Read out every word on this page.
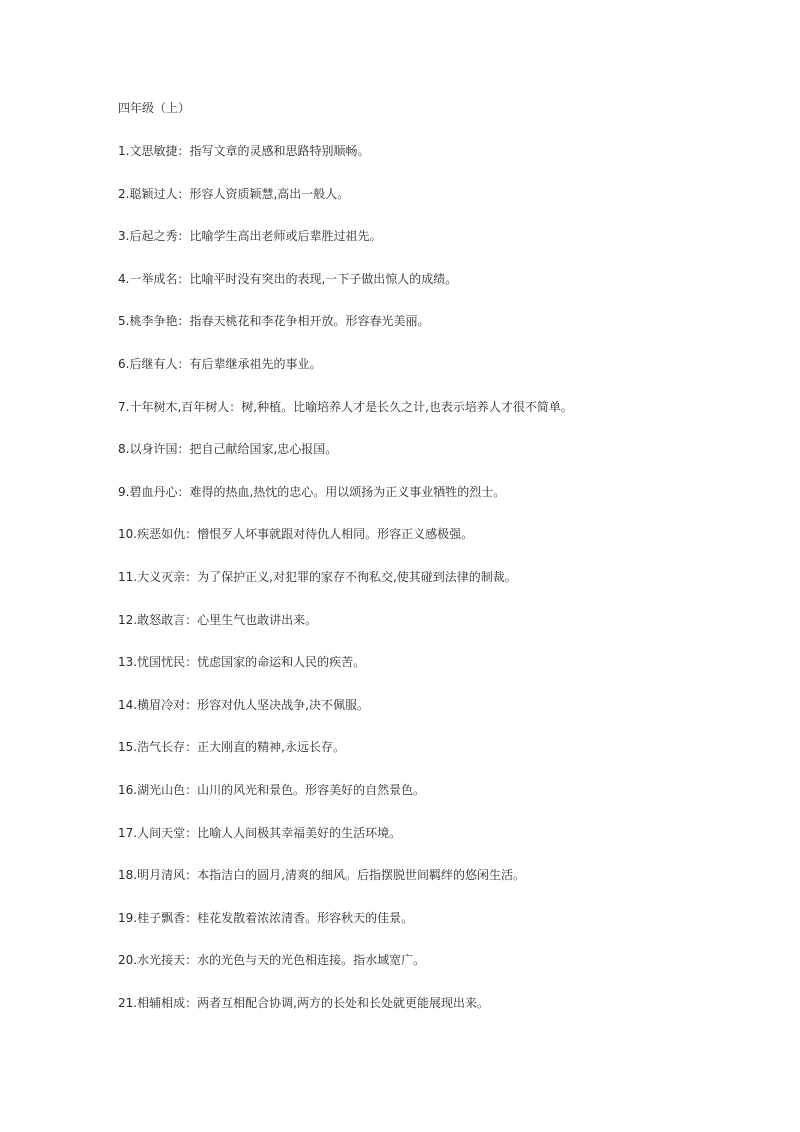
四年级（上）
1.文思敏捷：指写文章的灵感和思路特别顺畅。
2.聪颖过人：形容人资质颖慧,高出一般人。
3.后起之秀：比喻学生高出老师或后辈胜过祖先。
4.一举成名：比喻平时没有突出的表现,一下子做出惊人的成绩。
5.桃李争艳：指春天桃花和李花争相开放。形容春光美丽。
6.后继有人：有后辈继承祖先的事业。
7.十年树木,百年树人：树,种植。比喻培养人才是长久之计,也表示培养人才很不简单。
8.以身许国：把自己献给国家,忠心报国。
9.碧血丹心：难得的热血,热忱的忠心。用以颂扬为正义事业牺牲的烈士。
10.疾恶如仇：憎恨歹人坏事就跟对待仇人相同。形容正义感极强。
11.大义灭亲：为了保护正义,对犯罪的家存不徇私交,使其碰到法律的制裁。
12.敢怒敢言：心里生气也敢讲出来。
13.忧国忧民：忧虑国家的命运和人民的疾苦。
14.横眉冷对：形容对仇人坚决战争,决不佩服。
15.浩气长存：正大刚直的精神,永远长存。
16.湖光山色：山川的风光和景色。形容美好的自然景色。
17.人间天堂：比喻人人间极其幸福美好的生活环境。
18.明月清风：本指洁白的圆月,清爽的细风。后指摆脱世间羁绊的悠闲生活。
19.桂子飘香：桂花发散着浓浓清香。形容秋天的佳景。
20.水光接天：水的光色与天的光色相连接。指水域宽广。
21.相辅相成：两者互相配合协调,两方的长处和长处就更能展现出来。
